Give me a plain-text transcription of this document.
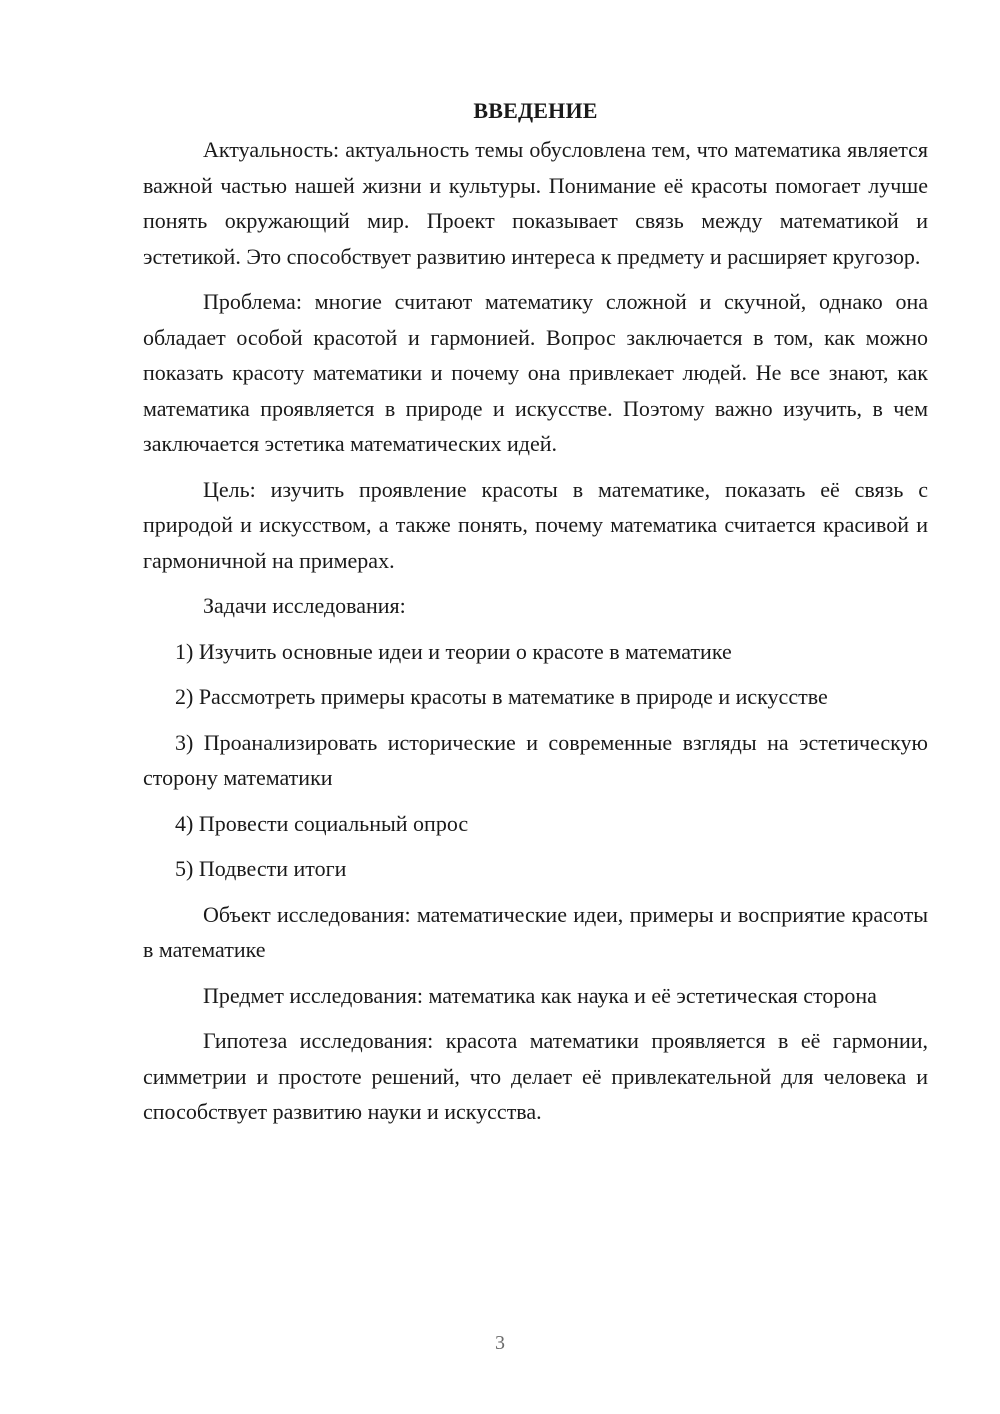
ВВЕДЕНИЕ

Актуальность: актуальность темы обусловлена тем, что математика является важной частью нашей жизни и культуры. Понимание её красоты помогает лучше понять окружающий мир. Проект показывает связь между математикой и эстетикой. Это способствует развитию интереса к предмету и расширяет кругозор.

Проблема: многие считают математику сложной и скучной, однако она обладает особой красотой и гармонией. Вопрос заключается в том, как можно показать красоту математики и почему она привлекает людей. Не все знают, как математика проявляется в природе и искусстве. Поэтому важно изучить, в чем заключается эстетика математических идей.

Цель: изучить проявление красоты в математике, показать её связь с природой и искусством, а также понять, почему математика считается красивой и гармоничной на примерах.

Задачи исследования:

1) Изучить основные идеи и теории о красоте в математике

2) Рассмотреть примеры красоты в математике в природе и искусстве

3) Проанализировать исторические и современные взгляды на эстетическую сторону математики

4) Провести социальный опрос

5) Подвести итоги

Объект исследования: математические идеи, примеры и восприятие красоты в математике

Предмет исследования: математика как наука и её эстетическая сторона

Гипотеза исследования: красота математики проявляется в её гармонии, симметрии и простоте решений, что делает её привлекательной для человека и способствует развитию науки и искусства.

3
